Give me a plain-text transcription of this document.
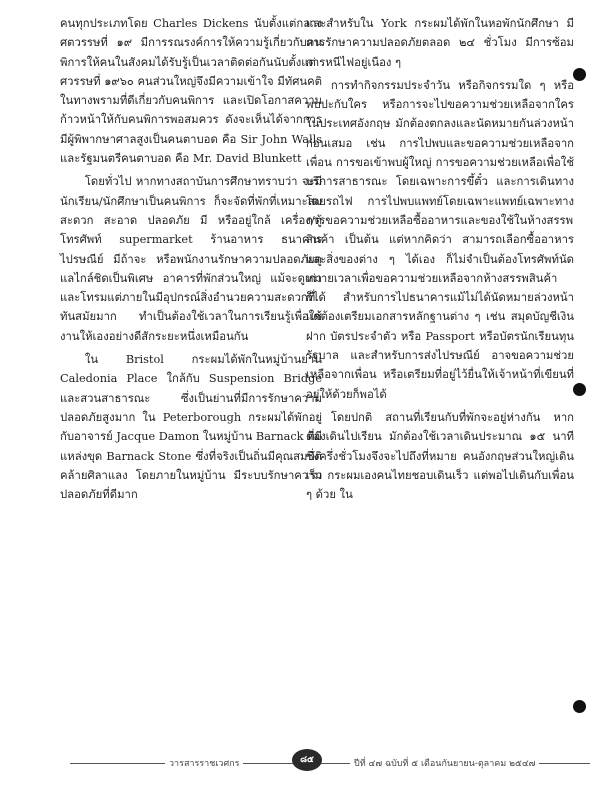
คนทุกประเภทโดย Charles Dickens นับตั้งแต่กลางศตวรรษที่ ๑๙ มีการรณรงค์การให้ความรู้เกี่ยวกับคนพิการให้คนในสังคมได้รับรู้เป็นเวลาติดต่อกันนับตั้งแต่ศวรรษที่ ๑๙๖๐ คนส่วนใหญ่จึงมีความเข้าใจ มีทัศนคติในทางพรามที่ดีเกี่ยวกับคนพิการ และเปิดโอกาสความก้าวหน้าให้กับคนพิการพอสมควร ดังจะเห็นได้จากการมีผู้พิพากษาศาลสูงเป็นคนตาบอด คือ Sir John Walls และรัฐมนตรีคนตาบอด คือ Mr. David Blunkett

โดยทั่วไป หากทางสถาบันการศึกษาทราบว่า จะมีนักเรียน/นักศึกษาเป็นคนพิการ ก็จะจัดที่พักที่เหมาะสม สะดวก สะอาด ปลอดภัย มี หรืออยู่ใกล้ เครื่อง/ตู้โทรศัพท์ supermarket ร้านอาหาร ธนาคาร ไปรษณีย์ มีถ้าจะ หรือพนักงานรักษาความปลอดภัยดูแลไกล์ชิดเป็นพิเศษ อาคารที่พักส่วนใหญ่ แม้จะดูเก่า และโทรมแต่ภายในมีอุปกรณ์สิ่งอำนวยความสะดวกที่ทันสมัยมาก ทำเป็นต้องใช้เวลาในการเรียนรู้เพื่อใช้งานให้เองอย่างดีสักระยะหนึ่งเหมือนกัน

ใน Bristol กระผมได้พักในหมู่บ้านย่าน Caledonia Place ใกล้กับ Suspension Bridge และสวนสาธารณะ ซึ่งเป็นย่านที่มีการรักษาความปลอดภัยสูงมาก ใน Peterborough กระผมได้พักอยู่กับอาจารย์ Jacque Damon ในหมู่บ้าน Barnack ที่มีแหล่งขุด Barnack Stone ซึ่งที่จริงเป็นถิ่นมีคุณสมบัติคล้ายศิลาแลง โดยภายในหมู่บ้าน มีระบบรักษาความปลอดภัยที่ดีมาก

และสำหรับใน York กระผมได้พักในหอพักนักศึกษา มีการรักษาความปลอดภัยตลอด ๒๔ ชั่วโมง มีการซ้อมการหนีไฟอยู่เนือง ๆ

การทำกิจกรรมประจำวัน หรือกิจกรรมใด ๆ หรือพบปะกับใคร หรือการจะไปขอความช่วยเหลือจากใครในประเทศอังกฤษ มักต้องตกลงและนัดหมายกันล่วงหน้าก่อนเสมอ เช่น การไปพบและขอความช่วยเหลือจากเพื่อน การขอเข้าพบผู้ใหญ่ การขอความช่วยเหลือเพื่อใช้บริการสาธารณะ โดยเฉพาะการขึ้ตั๋ว และการเดินทางโดยรถไฟ การไปพบแพทย์โดยเฉพาะแพทย์เฉพาะทาง การขอความช่วยเหลือซื้ออาหารและของใช้ในห้างสรรพสินค้า เป็นต้น แต่หากคิดว่า สามารถเลือกซื้ออาหาร และสิ่งของต่าง ๆ ได้เอง ก็ไม่จำเป็นต้องโทรศัพท์นัดหมายเวลาเพื่อขอความช่วยเหลือจากห้างสรรพสินค้าก็ได้ สำหรับการไปธนาคารแม้ไม่ได้นัดหมายล่วงหน้าแต่ต้องเตรียมเอกสารหลักฐานต่าง ๆ เช่น สมุดบัญชีเงินฝาก บัตรประจำตัว หรือ Passport หรือบัตรนักเรียนทุนรัฐบาล และสำหรับการส่งไปรษณีย์ อาจขอความช่วยเหลือจากเพื่อน หรือเตรียมที่อยู่ไว้ยื่นให้เจ้าหน้าที่เขียนที่อยู่ให้ด้วยก็พอได้

โดยปกติ สถานที่เรียนกับที่พักจะอยู่ห่างกัน หากต้องเดินไปเรียน มักต้องใช้เวลาเดินประมาณ ๑๕ นาทีซึ่งครึ่งชั่วโมงจึงจะไปถึงที่หมาย คนอังกฤษส่วนใหญ่เดินเร็ว กระผมเองคนไทยชอบเดินเร็ว แต่พอไปเดินกับเพื่อน ๆ ด้วย ใน

วารสารราชเวศกร	๘๕	ปีที่ ๔๗ ฉบับที่ ๕ เดือนกันยายน-ตุลาคม ๒๕๔๗
